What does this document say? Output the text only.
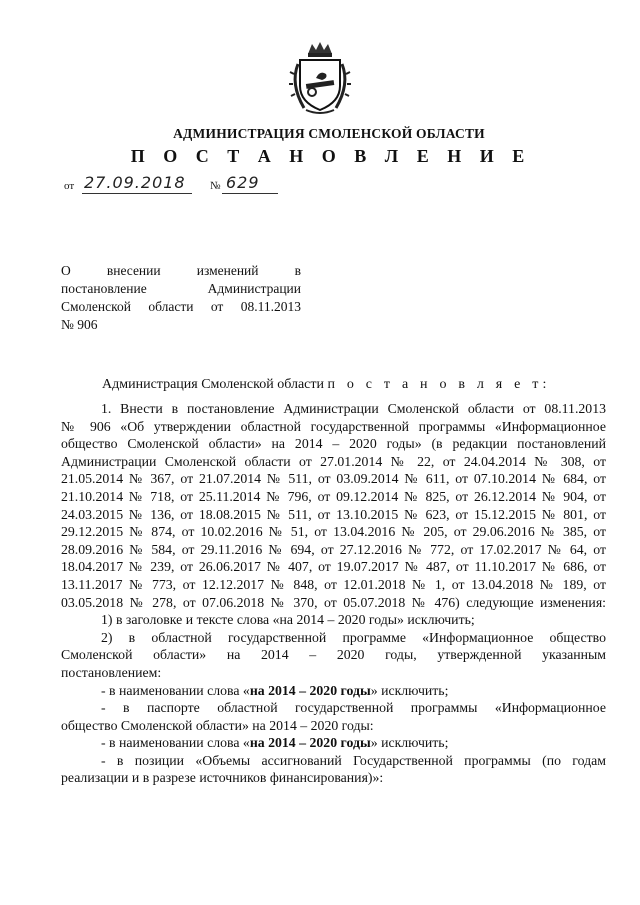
АДМИНИСТРАЦИЯ СМОЛЕНСКОЙ ОБЛАСТИ
П О С Т А Н О В Л Е Н И Е
от 27.09.2018 № 629
О внесении изменений в
постановление Администрации
Смоленской области от 08.11.2013
№ 906
Администрация Смоленской области п о с т а н о в л я е т:
1. Внести в постановление Администрации Смоленской области от 08.11.2013
№ 906 «Об утверждении областной государственной программы «Информационное
общество Смоленской области» на 2014 – 2020 годы» (в редакции постановлений
Администрации Смоленской области от 27.01.2014 № 22, от 24.04.2014 № 308, от
21.05.2014 № 367, от 21.07.2014 № 511, от 03.09.2014 № 611, от 07.10.2014 № 684, от
21.10.2014 № 718, от 25.11.2014 № 796, от 09.12.2014 № 825, от 26.12.2014 № 904, от
24.03.2015 № 136, от 18.08.2015 № 511, от 13.10.2015 № 623, от 15.12.2015 № 801, от
29.12.2015 № 874, от 10.02.2016 № 51, от 13.04.2016 № 205, от 29.06.2016 № 385, от
28.09.2016 № 584, от 29.11.2016 № 694, от 27.12.2016 № 772, от 17.02.2017 № 64, от
18.04.2017 № 239, от 26.06.2017 № 407, от 19.07.2017 № 487, от 11.10.2017 № 686, от
13.11.2017 № 773, от 12.12.2017 № 848, от 12.01.2018 № 1, от 13.04.2018 № 189, от
03.05.2018 № 278, от 07.06.2018 № 370, от 05.07.2018 № 476) следующие изменения:
1) в заголовке и тексте слова «на 2014 – 2020 годы» исключить;
2) в областной государственной программе «Информационное общество
Смоленской области» на 2014 – 2020 годы, утвержденной указанным
постановлением:
- в наименовании слова «на 2014 – 2020 годы» исключить;
- в паспорте областной государственной программы «Информационное
общество Смоленской области» на 2014 – 2020 годы:
- в наименовании слова «на 2014 – 2020 годы» исключить;
- в позиции «Объемы ассигнований Государственной программы (по годам
реализации и в разрезе источников финансирования)»:
